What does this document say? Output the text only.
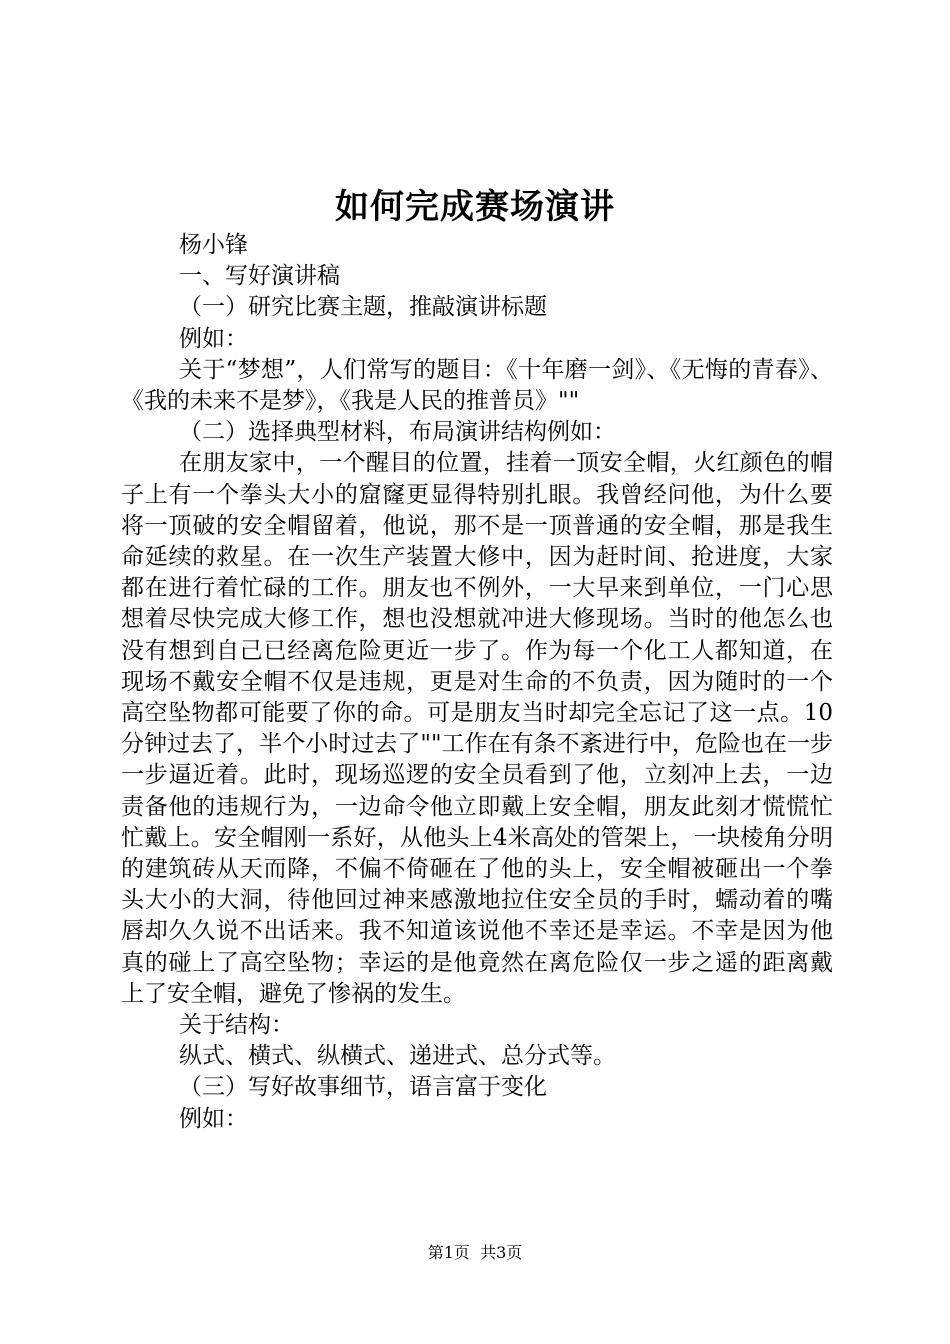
如何完成赛场演讲

杨小锋

一、写好演讲稿

（一）研究比赛主题，推敲演讲标题

例如：

关于“梦想”，人们常写的题目：《十年磨一剑》、《无悔的青春》、《我的未来不是梦》，《我是人民的推普员》""

（二）选择典型材料，布局演讲结构例如：

在朋友家中，一个醒目的位置，挂着一顶安全帽，火红颜色的帽子上有一个拳头大小的窟窿更显得特别扎眼。我曾经问他，为什么要将一顶破的安全帽留着，他说，那不是一顶普通的安全帽，那是我生命延续的救星。在一次生产装置大修中，因为赶时间、抢进度，大家都在进行着忙碌的工作。朋友也不例外，一大早来到单位，一门心思想着尽快完成大修工作，想也没想就冲进大修现场。当时的他怎么也没有想到自己已经离危险更近一步了。作为每一个化工人都知道，在现场不戴安全帽不仅是违规，更是对生命的不负责，因为随时的一个高空坠物都可能要了你的命。可是朋友当时却完全忘记了这一点。10分钟过去了，半个小时过去了""工作在有条不紊进行中，危险也在一步一步逼近着。此时，现场巡逻的安全员看到了他，立刻冲上去，一边责备他的违规行为，一边命令他立即戴上安全帽，朋友此刻才慌慌忙忙戴上。安全帽刚一系好，从他头上4米高处的管架上，一块棱角分明的建筑砖从天而降，不偏不倚砸在了他的头上，安全帽被砸出一个拳头大小的大洞，待他回过神来感激地拉住安全员的手时，蠕动着的嘴唇却久久说不出话来。我不知道该说他不幸还是幸运。不幸是因为他真的碰上了高空坠物；幸运的是他竟然在离危险仅一步之遥的距离戴上了安全帽，避免了惨祸的发生。

关于结构：

纵式、横式、纵横式、递进式、总分式等。

（三）写好故事细节，语言富于变化

例如：

第1页 共3页
